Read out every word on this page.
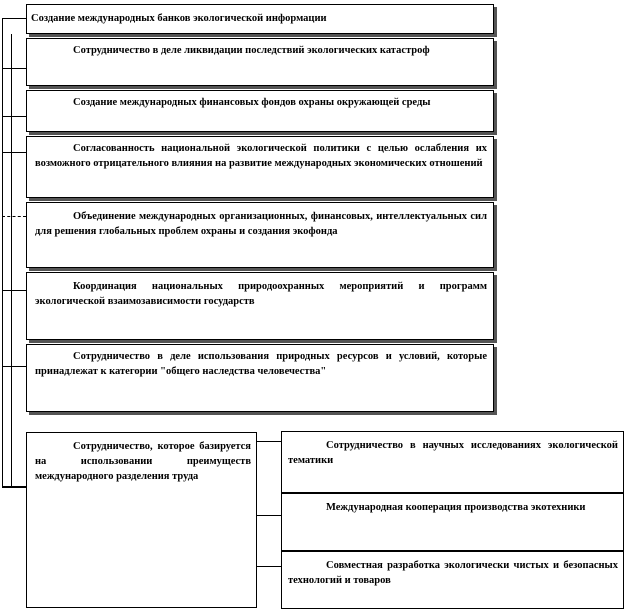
Создание международных банков экологической информации
Сотрудничество в деле ликвидации последствий экологических катастроф
Создание международных финансовых фондов охраны окружающей среды
Согласованность национальной экологической политики с целью ослабления их возможного отрицательного влияния на развитие международных экономических отношений
Объединение международных организационных, финансовых, интеллектуальных сил для решения глобальных проблем охраны и создания экофонда
Координация национальных природоохранных мероприятий и программ экологической взаимозависимости государств
Сотрудничество в деле использования природных ресурсов и условий, которые принадлежат к категории "общего наследства человечества"
Сотрудничество, которое базируется на использовании преимуществ международного разделения труда
Сотрудничество в научных исследованиях экологической тематики
Международная кооперация производства экотехники
Совместная разработка экологически чистых и безопасных технологий и товаров
